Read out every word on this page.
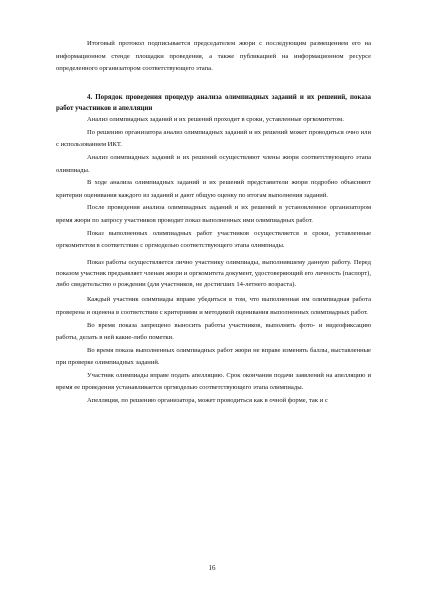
Итоговый протокол подписывается председателем жюри с последующим размещением его на информационном стенде площадки проведения, а также публикацией на информационном ресурсе определенного организатором соответствующего этапа.

4. Порядок проведения процедур анализа олимпиадных заданий и их решений, показа работ участников и апелляции

Анализ олимпиадных заданий и их решений проходит в сроки, уставленные оргкомитетом.

По решению организатора анализ олимпиадных заданий и их решений может проводиться очно или с использованием ИКТ.

Анализ олимпиадных заданий и их решений осуществляют члены жюри соответствующего этапа олимпиады.

В ходе анализа олимпиадных заданий и их решений представители жюри подробно объясняют критерии оценивания каждого из заданий и дают общую оценку по итогам выполнения заданий.

После проведения анализа олимпиадных заданий и их решений в установленное организатором время жюри по запросу участников проводит показ выполненных ими олимпиадных работ.

Показ выполненных олимпиадных работ участников осуществляется в сроки, уставленные оргкомитетом в соответствии с оргмоделью соответствующего этапа олимпиады.

Показ работы осуществляется лично участнику олимпиады, выполнившему данную работу. Перед показом участник предъявляет членам жюри и оргкомитета документ, удостоверяющий его личность (паспорт), либо свидетельство о рождении (для участников, не достигших 14-летнего возраста).

Каждый участник олимпиады вправе убедиться в том, что выполненная им олимпиадная работа проверена и оценена в соответствии с критериями и методикой оценивания выполненных олимпиадных работ.

Во время показа запрещено выносить работы участников, выполнять фото- и видеофиксацию работы, делать в ней какие-либо пометки.

Во время показа выполненных олимпиадных работ жюри не вправе изменять баллы, выставленные при проверке олимпиадных заданий.

Участник олимпиады вправе подать апелляцию. Срок окончания подачи заявлений на апелляцию и время ее проведения устанавливается оргмоделью соответствующего этапа олимпиады.

Апелляция, по решению организатора, может проводиться как в очной форме, так и с

16
